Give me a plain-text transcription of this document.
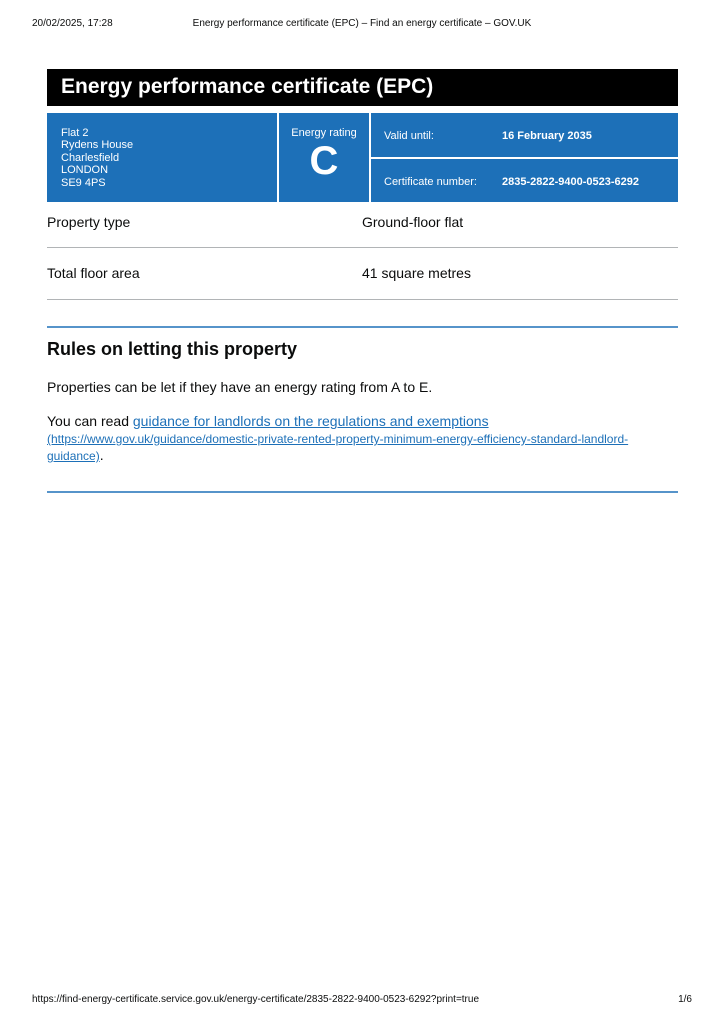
20/02/2025, 17:28	Energy performance certificate (EPC) – Find an energy certificate – GOV.UK
Energy performance certificate (EPC)
Flat 2
Rydens House
Charlesfield
LONDON
SE9 4PS
Energy rating
C
Valid until:	16 February 2035
Certificate number: 2835-2822-9400-0523-6292
Property type	Ground-floor flat
Total floor area	41 square metres
Rules on letting this property

Properties can be let if they have an energy rating from A to E.

You can read guidance for landlords on the regulations and exemptions
(https://www.gov.uk/guidance/domestic-private-rented-property-minimum-energy-efficiency-standard-landlord-guidance).

https://find-energy-certificate.service.gov.uk/energy-certificate/2835-2822-9400-0523-6292?print=true	1/6
